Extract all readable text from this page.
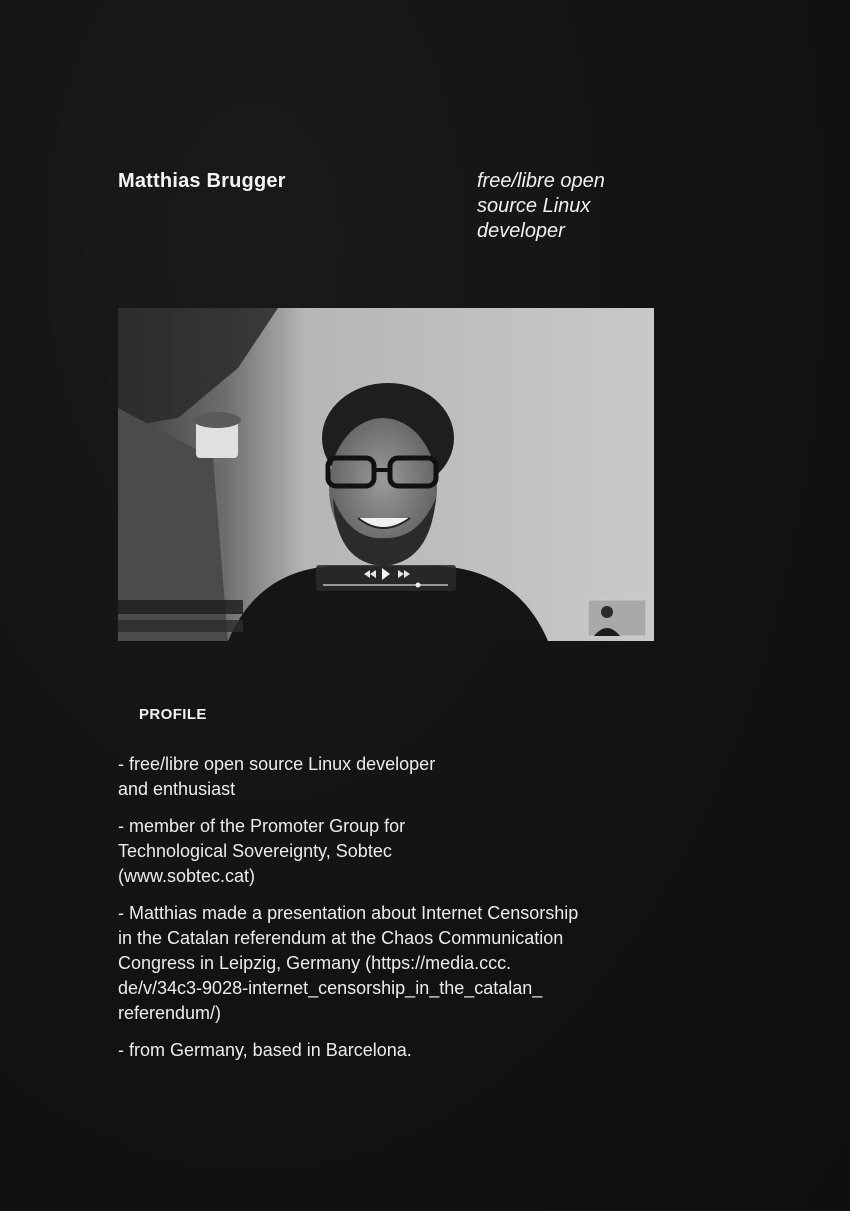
Matthias Brugger	free/libre open
source Linux
developer

PROFILE
- free/libre open source Linux developer
and enthusiast
- member of the Promoter Group for
Technological Sovereignty, Sobtec
(www.sobtec.cat)
- Matthias made a presentation about Internet Censorship
in the Catalan referendum at the Chaos Communication
Congress in Leipzig, Germany (https://media.ccc.
de/v/34c3-9028-internet_censorship_in_the_catalan_
referendum/)
- from Germany, based in Barcelona.
